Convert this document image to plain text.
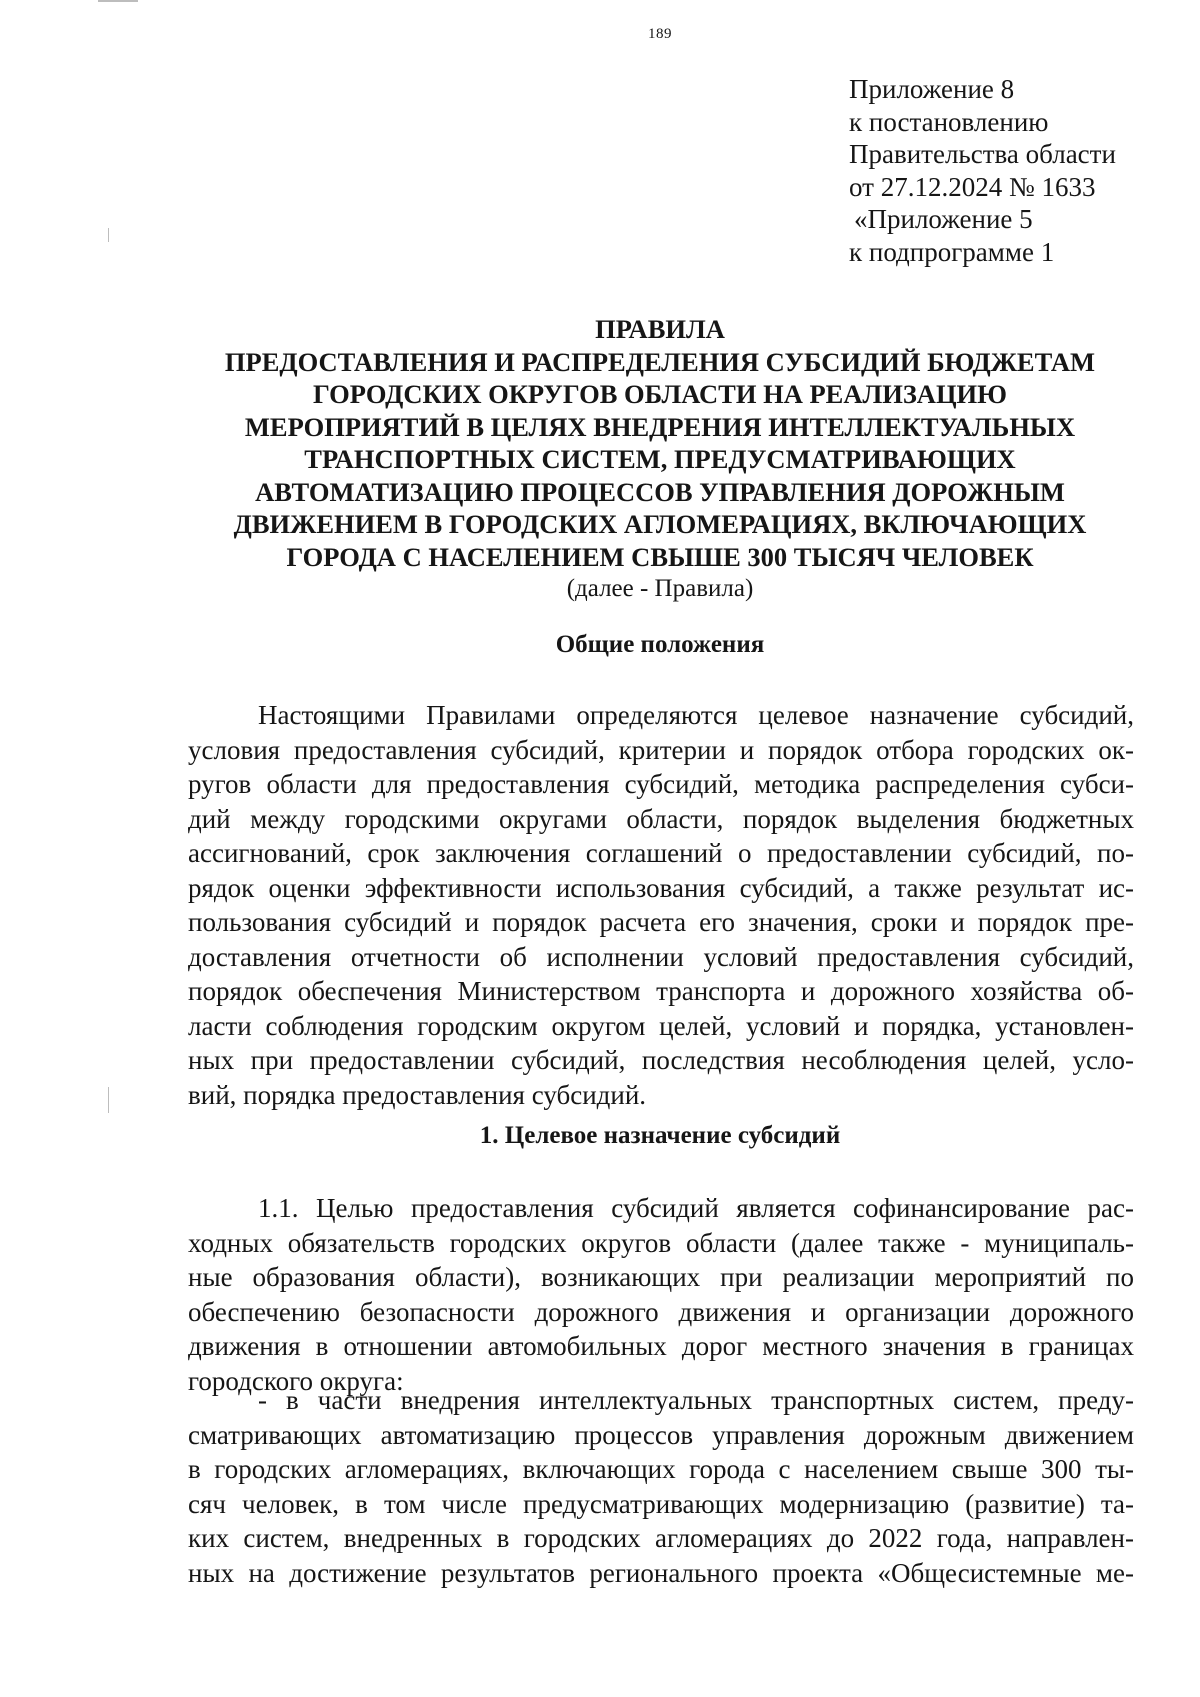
189
Приложение 8
к постановлению
Правительства области
от 27.12.2024 № 1633
«Приложение 5
к подпрограмме 1
ПРАВИЛА
ПРЕДОСТАВЛЕНИЯ И РАСПРЕДЕЛЕНИЯ СУБСИДИЙ БЮДЖЕТАМ
ГОРОДСКИХ ОКРУГОВ ОБЛАСТИ НА РЕАЛИЗАЦИЮ
МЕРОПРИЯТИЙ В ЦЕЛЯХ ВНЕДРЕНИЯ ИНТЕЛЛЕКТУАЛЬНЫХ
ТРАНСПОРТНЫХ СИСТЕМ, ПРЕДУСМАТРИВАЮЩИХ
АВТОМАТИЗАЦИЮ ПРОЦЕССОВ УПРАВЛЕНИЯ ДОРОЖНЫМ
ДВИЖЕНИЕМ В ГОРОДСКИХ АГЛОМЕРАЦИЯХ, ВКЛЮЧАЮЩИХ
ГОРОДА С НАСЕЛЕНИЕМ СВЫШЕ 300 ТЫСЯЧ ЧЕЛОВЕК
(далее - Правила)
Общие положения
Настоящими Правилами определяются целевое назначение субсидий,
условия предоставления субсидий, критерии и порядок отбора городских ок-
ругов области для предоставления субсидий, методика распределения субси-
дий между городскими округами области, порядок выделения бюджетных
ассигнований, срок заключения соглашений о предоставлении субсидий, по-
рядок оценки эффективности использования субсидий, а также результат ис-
пользования субсидий и порядок расчета его значения, сроки и порядок пре-
доставления отчетности об исполнении условий предоставления субсидий,
порядок обеспечения Министерством транспорта и дорожного хозяйства об-
ласти соблюдения городским округом целей, условий и порядка, установлен-
ных при предоставлении субсидий, последствия несоблюдения целей, усло-
вий, порядка предоставления субсидий.
1. Целевое назначение субсидий
1.1. Целью предоставления субсидий является софинансирование рас-
ходных обязательств городских округов области (далее также - муниципаль-
ные образования области), возникающих при реализации мероприятий по
обеспечению безопасности дорожного движения и организации дорожного
движения в отношении автомобильных дорог местного значения в границах
городского округа:
- в части внедрения интеллектуальных транспортных систем, преду-
сматривающих автоматизацию процессов управления дорожным движением
в городских агломерациях, включающих города с населением свыше 300 ты-
сяч человек, в том числе предусматривающих модернизацию (развитие) та-
ких систем, внедренных в городских агломерациях до 2022 года, направлен-
ных на достижение результатов регионального проекта «Общесистемные ме-
